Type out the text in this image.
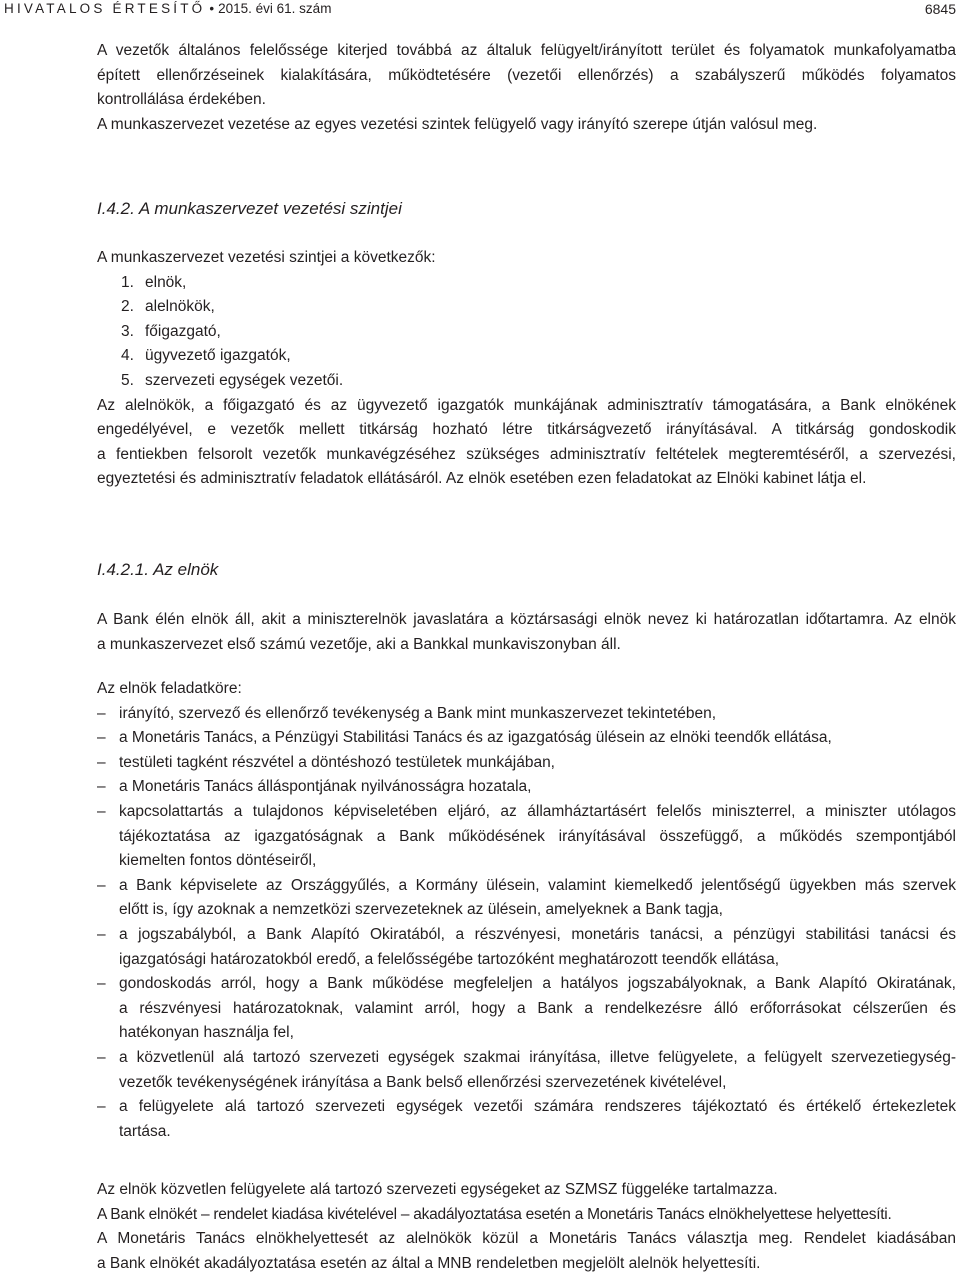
HIVATALOS ÉRTESÍTŐ • 2015. évi 61. szám	6845

A vezetők általános felelőssége kiterjed továbbá az általuk felügyelt/irányított terület és folyamatok munkafolyamatba
épített ellenőrzéseinek kialakítására, működtetésére (vezetői ellenőrzés) a szabályszerű működés folyamatos
kontrollálása érdekében.

A munkaszervezet vezetése az egyes vezetési szintek felügyelő vagy irányító szerepe útján valósul meg.

I.4.2. A munkaszervezet vezetési szintjei

A munkaszervezet vezetési szintjei a következők:

1. elnök,
2. alelnökök,
3. főigazgató,
4. ügyvezető igazgatók,
5. szervezeti egységek vezetői.

Az alelnökök, a főigazgató és az ügyvezető igazgatók munkájának adminisztratív támogatására, a Bank elnökének
engedélyével, e vezetők mellett titkárság hozható létre titkárságvezető irányításával. A titkárság gondoskodik
a fentiekben felsorolt vezetők munkavégzéséhez szükséges adminisztratív feltételek megteremtéséről, a szervezési,
egyeztetési és adminisztratív feladatok ellátásáról. Az elnök esetében ezen feladatokat az Elnöki kabinet látja el.

I.4.2.1. Az elnök

A Bank élén elnök áll, akit a miniszterelnök javaslatára a köztársasági elnök nevez ki határozatlan időtartamra. Az elnök
a munkaszervezet első számú vezetője, aki a Bankkal munkaviszonyban áll.

Az elnök feladatköre:

– irányító, szervező és ellenőrző tevékenység a Bank mint munkaszervezet tekintetében,
– a Monetáris Tanács, a Pénzügyi Stabilitási Tanács és az igazgatóság ülésein az elnöki teendők ellátása,
– testületi tagként részvétel a döntéshozó testületek munkájában,
– a Monetáris Tanács álláspontjának nyilvánosságra hozatala,
– kapcsolattartás a tulajdonos képviseletében eljáró, az államháztartásért felelős miniszterrel, a miniszter utólagos
tájékoztatása az igazgatóságnak a Bank működésének irányításával összefüggő, a működés szempontjából
kiemelten fontos döntéseiről,
– a Bank képviselete az Országgyűlés, a Kormány ülésein, valamint kiemelkedő jelentőségű ügyekben más szervek
előtt is, így azoknak a nemzetközi szervezeteknek az ülésein, amelyeknek a Bank tagja,
– a jogszabályból, a Bank Alapító Okiratából, a részvényesi, monetáris tanácsi, a pénzügyi stabilitási tanácsi és
igazgatósági határozatokból eredő, a felelősségébe tartozóként meghatározott teendők ellátása,
– gondoskodás arról, hogy a Bank működése megfeleljen a hatályos jogszabályoknak, a Bank Alapító Okiratának,
a részvényesi határozatoknak, valamint arról, hogy a Bank a rendelkezésre álló erőforrásokat célszerűen és
hatékonyan használja fel,
– a közvetlenül alá tartozó szervezeti egységek szakmai irányítása, illetve felügyelete, a felügyelt szervezetiegység-
vezetők tevékenységének irányítása a Bank belső ellenőrzési szervezetének kivételével,
– a felügyelete alá tartozó szervezeti egységek vezetői számára rendszeres tájékoztató és értékelő értekezletek
tartása.

Az elnök közvetlen felügyelete alá tartozó szervezeti egységeket az SZMSZ függeléke tartalmazza.
A Bank elnökét – rendelet kiadása kivételével – akadályoztatása esetén a Monetáris Tanács elnökhelyettese helyettesíti.
A Monetáris Tanács elnökhelyettesét az alelnökök közül a Monetáris Tanács választja meg. Rendelet kiadásában
a Bank elnökét akadályoztatása esetén az által a MNB rendeletben megjelölt alelnök helyettesíti.
